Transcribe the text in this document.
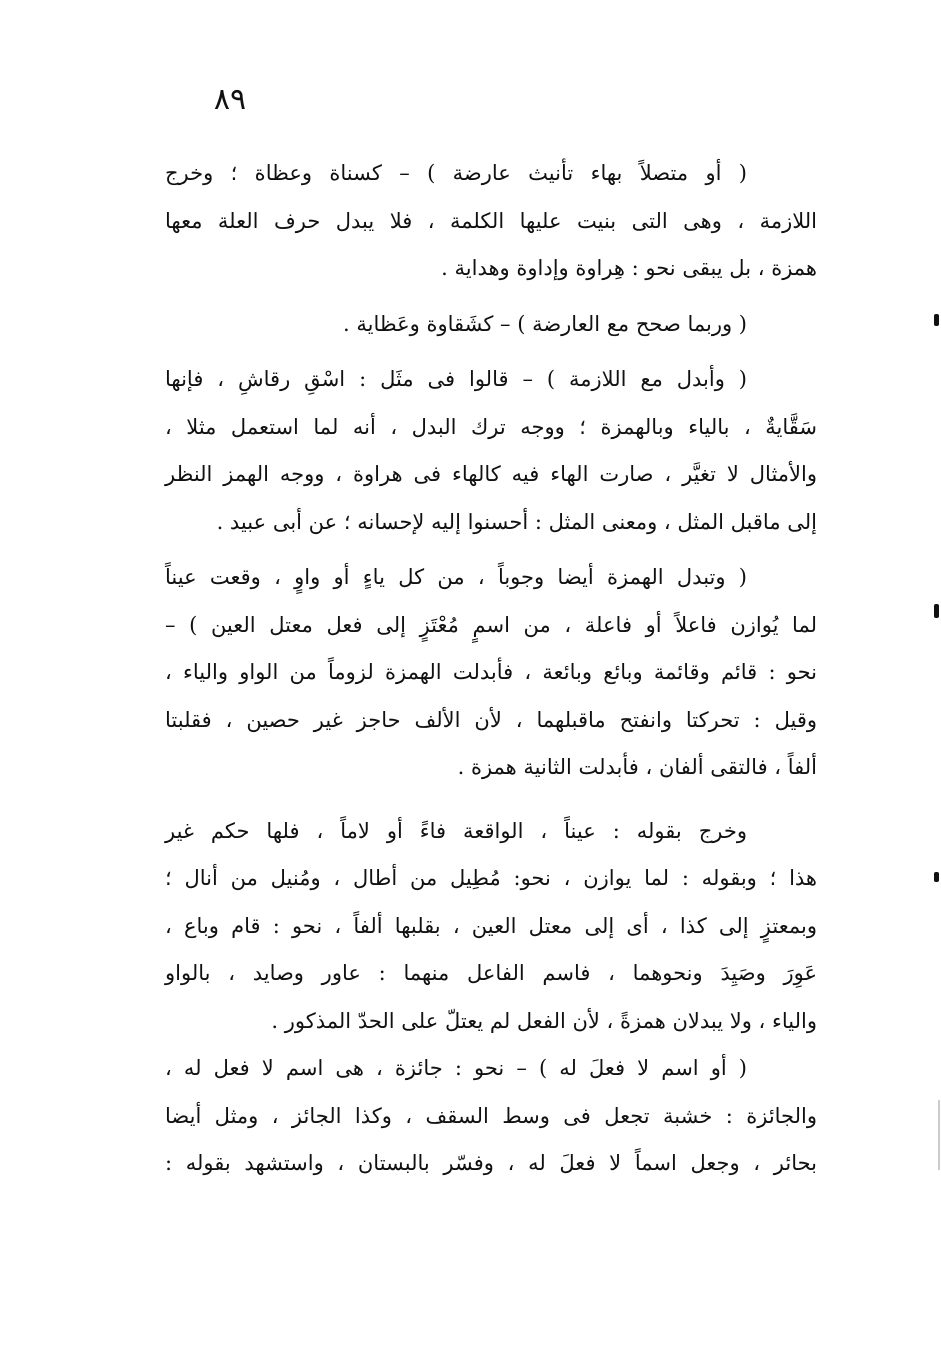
٨٩
( أو متصلاً بهاء تأنيث عارضة ) – كسناة وعظاة ؛ وخرج
اللازمة ، وهى التى بنيت عليها الكلمة ، فلا يبدل حرف العلة معها
همزة ، بل يبقى نحو : هِراوة وإداوة وهداية .
( وربما صحح مع العارضة ) – كشَقاوة وعَظاية .
( وأبدل مع اللازمة ) – قالوا فى مثَل : اسْقِ رقاشِ ، فإنها
سَقَّايةٌ ، بالياء وبالهمزة ؛ ووجه ترك البدل ، أنه لما استعمل مثلا ،
والأمثال لا تغيَّر ، صارت الهاء فيه كالهاء فى هراوة ، ووجه الهمز النظر
إلى ماقبل المثل ، ومعنى المثل : أحسنوا إليه لإحسانه ؛ عن أبى عبيد .
( وتبدل الهمزة أيضا وجوباً ، من كل ياءٍ أو واوٍ ، وقعت عيناً
لما يُوازن فاعلاً أو فاعلة ، من اسمٍ مُعْتَزٍ إلى فعل معتل العين ) –
نحو : قائم وقائمة وبائع وبائعة ، فأبدلت الهمزة لزوماً من الواو والياء ،
وقيل : تحركتا وانفتح ماقبلهما ، لأن الألف حاجز غير حصين ، فقلبتا
ألفاً ، فالتقى ألفان ، فأبدلت الثانية همزة .
وخرج بقوله : عيناً ، الواقعة فاءً أو لاماً ، فلها حكم غير
هذا ؛ وبقوله : لما يوازن ، نحو: مُطِيل من أطال ، ومُنيل من أنال ؛
وبمعتزٍ إلى كذا ، أى إلى معتل العين ، بقلبها ألفاً ، نحو : قام وباع ،
عَوِرَ وصَيِدَ ونحوهما ، فاسم الفاعل منهما : عاور وصايد ، بالواو
والياء ، ولا يبدلان همزةً ، لأن الفعل لم يعتلّ على الحدّ المذكور .
( أو اسم لا فعلَ له ) – نحو : جائزة ، هى اسم لا فعل له ،
والجائزة : خشبة تجعل فى وسط السقف ، وكذا الجائز ، ومثل أيضا
بحائر ، وجعل اسماً لا فعلَ له ، وفسّر بالبستان ، واستشهد بقوله :
